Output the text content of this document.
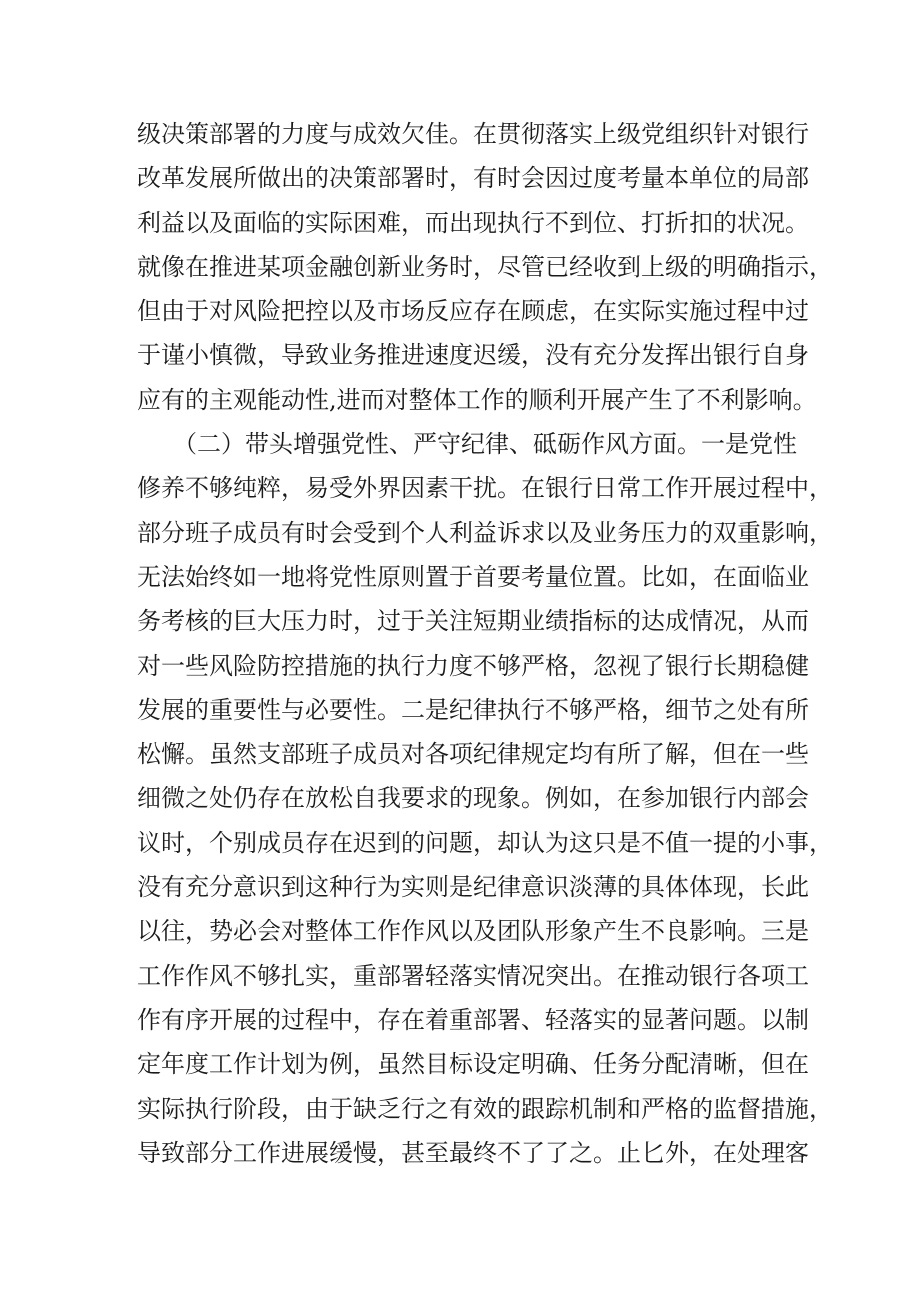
级决策部署的力度与成效欠佳。在贯彻落实上级党组织针对银行
改革发展所做出的决策部署时，有时会因过度考量本单位的局部
利益以及面临的实际困难，而出现执行不到位、打折扣的状况。
就像在推进某项金融创新业务时，尽管已经收到上级的明确指示，
但由于对风险把控以及市场反应存在顾虑，在实际实施过程中过
于谨小慎微，导致业务推进速度迟缓，没有充分发挥出银行自身
应有的主观能动性,进而对整体工作的顺利开展产生了不利影响。
　　（二）带头增强党性、严守纪律、砥砺作风方面。一是党性
修养不够纯粹，易受外界因素干扰。在银行日常工作开展过程中，
部分班子成员有时会受到个人利益诉求以及业务压力的双重影响，
无法始终如一地将党性原则置于首要考量位置。比如，在面临业
务考核的巨大压力时，过于关注短期业绩指标的达成情况，从而
对一些风险防控措施的执行力度不够严格，忽视了银行长期稳健
发展的重要性与必要性。二是纪律执行不够严格，细节之处有所
松懈。虽然支部班子成员对各项纪律规定均有所了解，但在一些
细微之处仍存在放松自我要求的现象。例如，在参加银行内部会
议时，个别成员存在迟到的问题，却认为这只是不值一提的小事，
没有充分意识到这种行为实则是纪律意识淡薄的具体体现，长此
以往，势必会对整体工作作风以及团队形象产生不良影响。三是
工作作风不够扎实，重部署轻落实情况突出。在推动银行各项工
作有序开展的过程中，存在着重部署、轻落实的显著问题。以制
定年度工作计划为例，虽然目标设定明确、任务分配清晰，但在
实际执行阶段，由于缺乏行之有效的跟踪机制和严格的监督措施，
导致部分工作进展缓慢，甚至最终不了了之。止匕外，在处理客
